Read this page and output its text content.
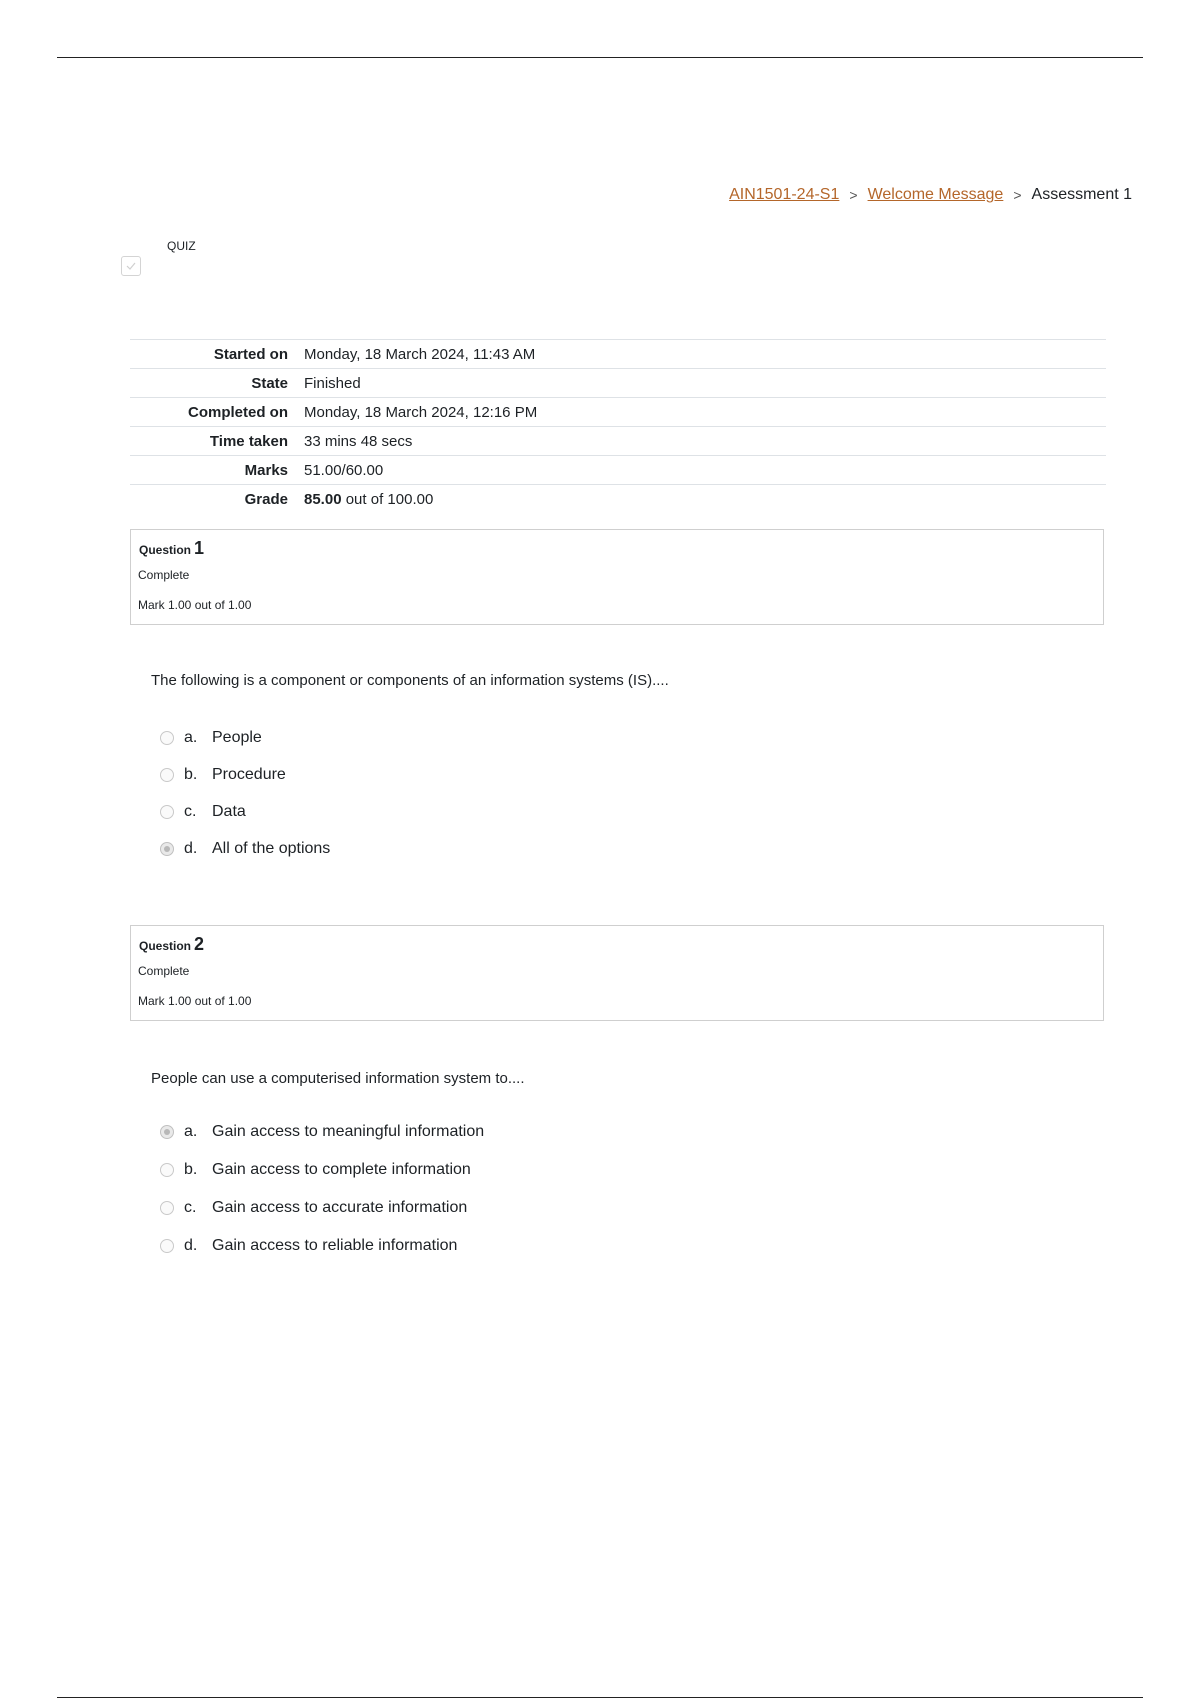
AIN1501-24-S1 > Welcome Message > Assessment 1
QUIZ
Started on	Monday, 18 March 2024, 11:43 AM
State	Finished
Completed on	Monday, 18 March 2024, 12:16 PM
Time taken	33 mins 48 secs
Marks	51.00/60.00
Grade	85.00 out of 100.00
Question 1
Complete
Mark 1.00 out of 1.00
The following is a component or components of an information systems (IS)....
a. People
b. Procedure
c. Data
d. All of the options
Question 2
Complete
Mark 1.00 out of 1.00
People can use a computerised information system to....
a. Gain access to meaningful information
b. Gain access to complete information
c. Gain access to accurate information
d. Gain access to reliable information
